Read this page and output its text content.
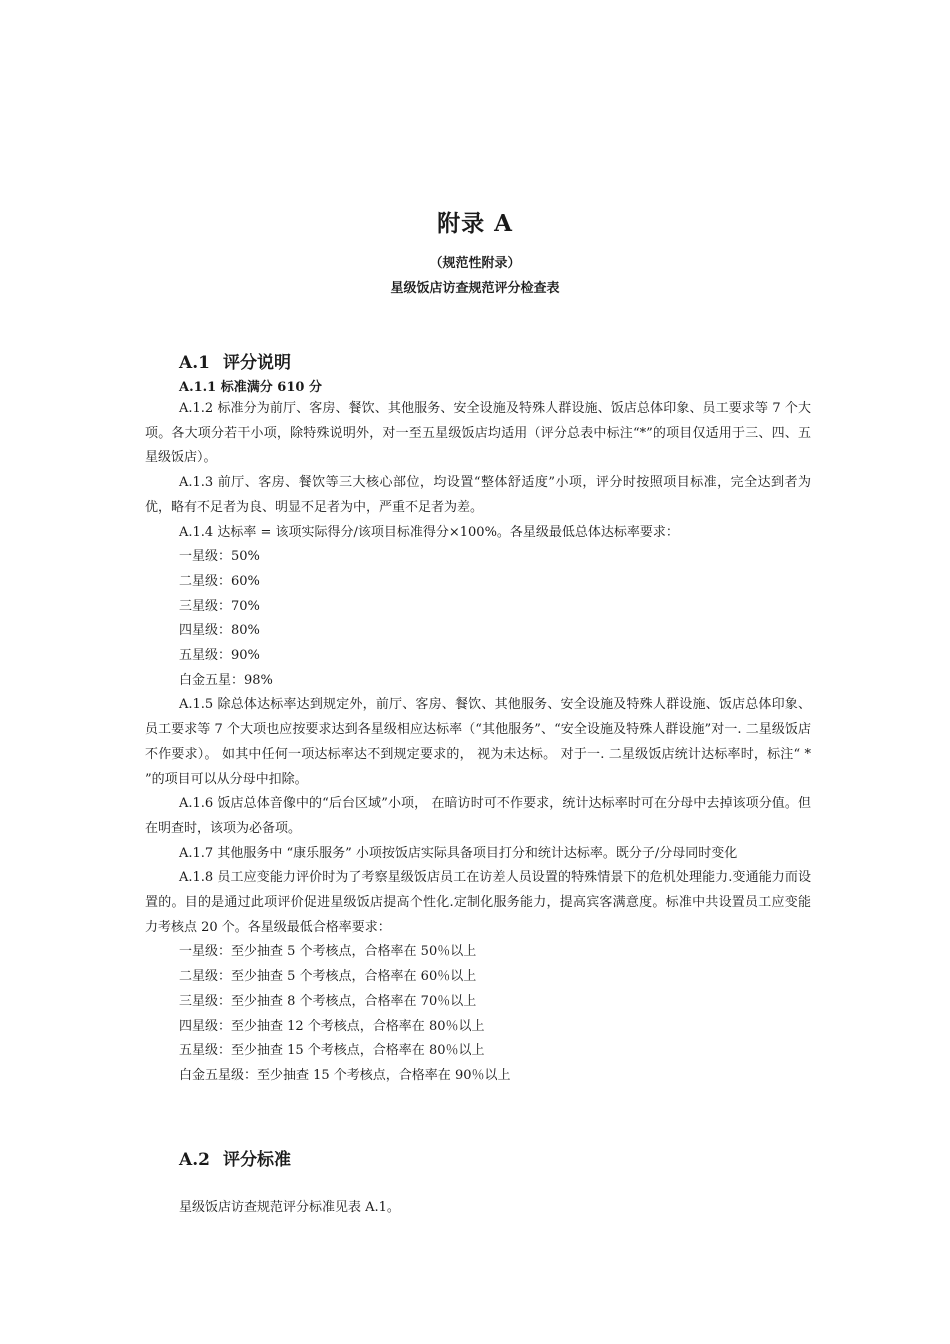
附录 A
（规范性附录）
星级饭店访查规范评分检查表
A.1 评分说明
A.1.1 标准满分 610 分

A.1.2 标准分为前厅、客房、餐饮、其他服务、安全设施及特殊人群设施、饭店总体印象、员工要求等 7 个大项。各大项分若干小项，除特殊说明外，对一至五星级饭店均适用（评分总表中标注“*”的项目仅适用于三、四、五星级饭店）。

A.1.3 前厅、客房、餐饮等三大核心部位，均设置“整体舒适度”小项，评分时按照项目标准，完全达到者为优，略有不足者为良、明显不足者为中，严重不足者为差。

A.1.4 达标率 = 该项实际得分/该项目标准得分×100%。各星级最低总体达标率要求：

一星级：50%

二星级：60%

三星级：70%

四星级：80%

五星级：90%

白金五星：98%

A.1.5 除总体达标率达到规定外，前厅、客房、餐饮、其他服务、安全设施及特殊人群设施、饭店总体印象、员工要求等 7 个大项也应按要求达到各星级相应达标率（“其他服务”、“安全设施及特殊人群设施”对一. 二星级饭店不作要求）。 如其中任何一项达标率达不到规定要求的， 视为未达标。 对于一. 二星级饭店统计达标率时，标注“ * ”的项目可以从分母中扣除。

A.1.6 饭店总体音像中的“后台区域”小项， 在暗访时可不作要求，统计达标率时可在分母中去掉该项分值。但在明查时，该项为必备项。

A.1.7 其他服务中 “康乐服务” 小项按饭店实际具备项目打分和统计达标率。既分子/分母同时变化

A.1.8 员工应变能力评价时为了考察星级饭店员工在访差人员设置的特殊情景下的危机处理能力.变通能力而设置的。目的是通过此项评价促进星级饭店提高个性化.定制化服务能力，提高宾客满意度。标准中共设置员工应变能力考核点 20 个。各星级最低合格率要求：

一星级：至少抽查 5 个考核点，合格率在 50％以上

二星级：至少抽查 5 个考核点，合格率在 60％以上

三星级：至少抽查 8 个考核点，合格率在 70％以上

四星级：至少抽查 12 个考核点，合格率在 80％以上

五星级：至少抽查 15 个考核点，合格率在 80％以上

白金五星级：至少抽查 15 个考核点，合格率在 90％以上

A.2 评分标准
星级饭店访查规范评分标准见表 A.1。
